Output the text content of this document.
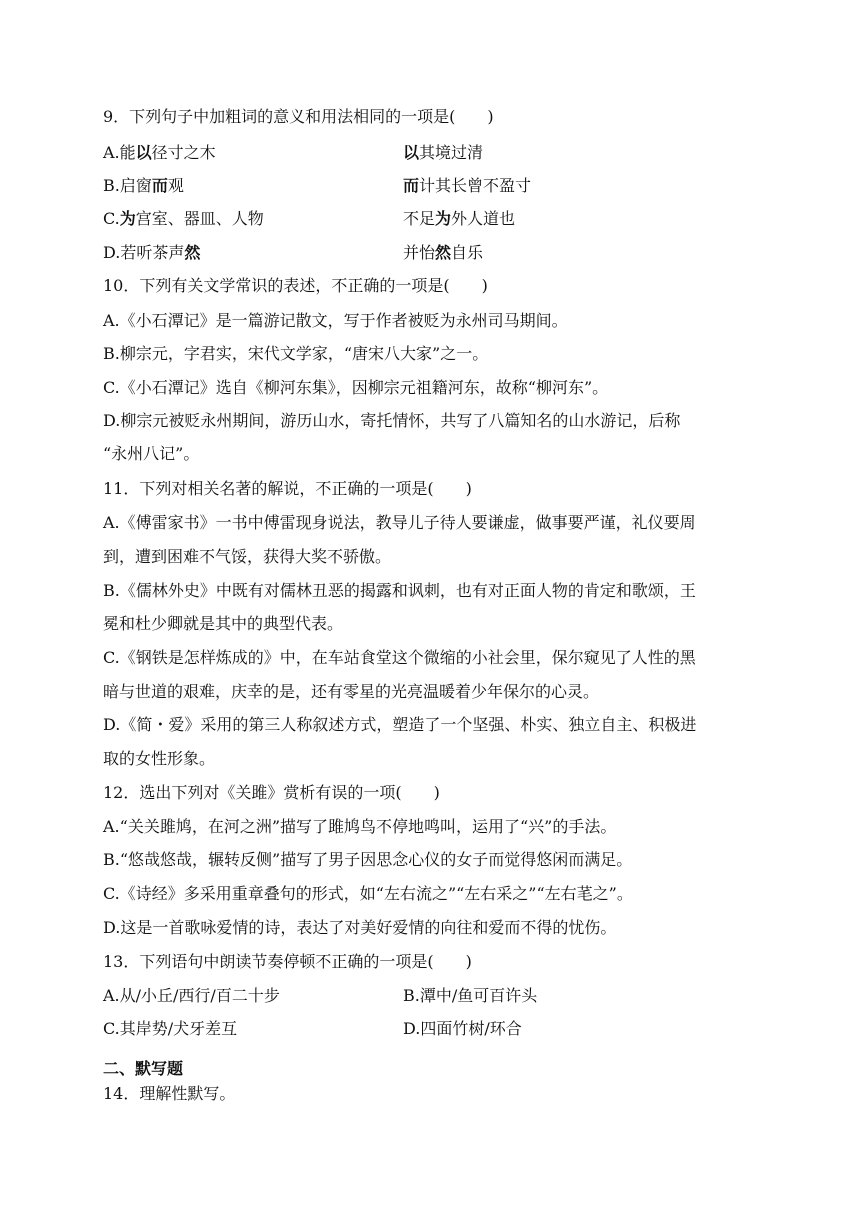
9．下列句子中加粗词的意义和用法相同的一项是(　　)
A.能以径寸之木	以其境过清
B.启窗而观	而计其长曾不盈寸
C.为宫室、器皿、人物	不足为外人道也
D.若听茶声然	并怡然自乐
10．下列有关文学常识的表述，不正确的一项是(　　)
A.《小石潭记》是一篇游记散文，写于作者被贬为永州司马期间。
B.柳宗元，字君实，宋代文学家，“唐宋八大家”之一。
C.《小石潭记》选自《柳河东集》，因柳宗元祖籍河东，故称“柳河东”。
D.柳宗元被贬永州期间，游历山水，寄托情怀，共写了八篇知名的山水游记，后称
“永州八记”。
11．下列对相关名著的解说，不正确的一项是(　　)
A.《傅雷家书》一书中傅雷现身说法，教导儿子待人要谦虚，做事要严谨，礼仪要周
到，遭到困难不气馁，获得大奖不骄傲。
B.《儒林外史》中既有对儒林丑恶的揭露和讽刺，也有对正面人物的肯定和歌颂，王
冕和杜少卿就是其中的典型代表。
C.《钢铁是怎样炼成的》中，在车站食堂这个微缩的小社会里，保尔窥见了人性的黑
暗与世道的艰难，庆幸的是，还有零星的光亮温暖着少年保尔的心灵。
D.《简・爱》采用的第三人称叙述方式，塑造了一个坚强、朴实、独立自主、积极进
取的女性形象。
12．选出下列对《关雎》赏析有误的一项(　　)
A.“关关雎鸠，在河之洲”描写了雎鸠鸟不停地鸣叫，运用了“兴”的手法。
B.“悠哉悠哉，辗转反侧”描写了男子因思念心仪的女子而觉得悠闲而满足。
C.《诗经》多采用重章叠句的形式，如“左右流之”“左右采之”“左右芼之”。
D.这是一首歌咏爱情的诗，表达了对美好爱情的向往和爱而不得的忧伤。
13．下列语句中朗读节奏停顿不正确的一项是(　　)
A.从/小丘/西行/百二十步	B.潭中/鱼可百许头
C.其岸势/犬牙差互	D.四面竹树/环合
二、默写题
14．理解性默写。
